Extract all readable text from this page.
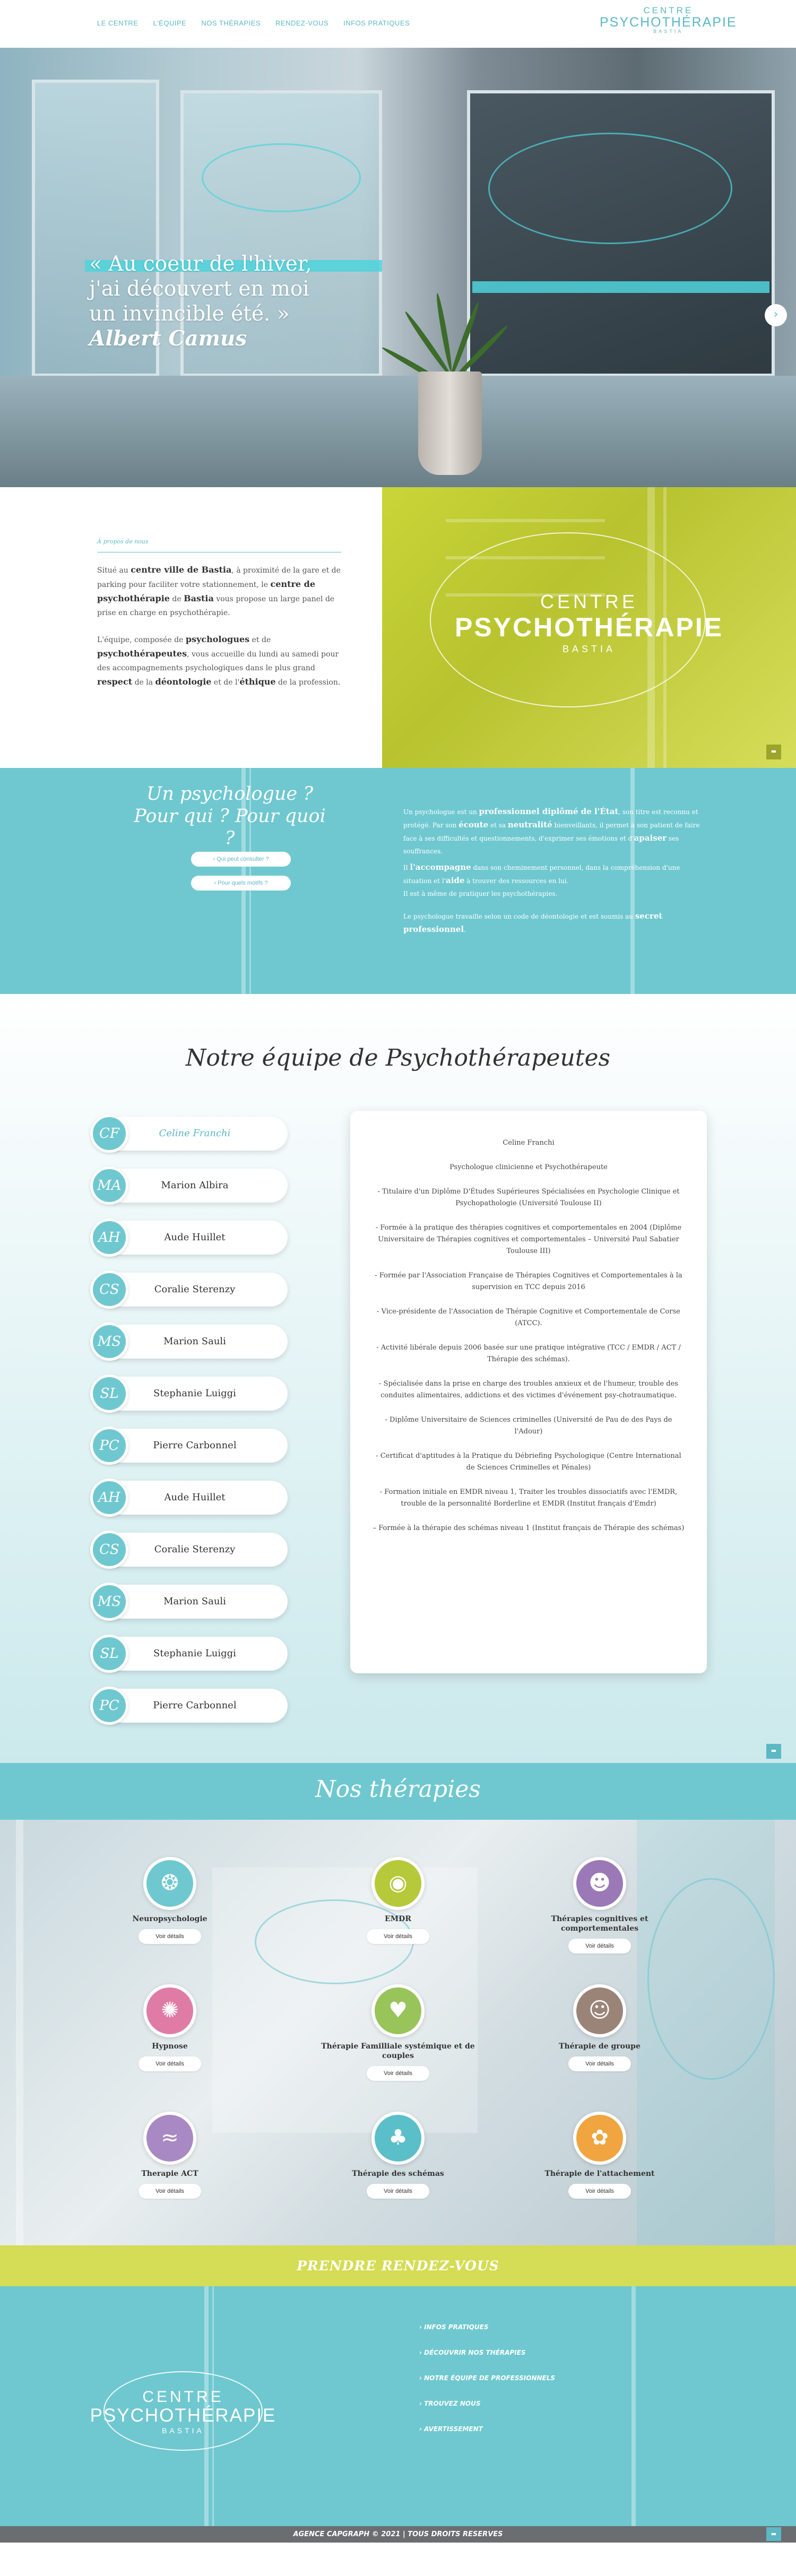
LE CENTRE L'ÉQUIPE NOS THÉRAPIES RENDEZ-VOUS INFOS PRATIQUES
CENTRE
PSYCHOTHÉRAPIE
BASTIA
« Au coeur de l'hiver, j'ai découvert en moi un invincible été. »
Albert Camus
›
À propos de nous

Situé au centre ville de Bastia, à proximité de la gare et de parking pour faciliter votre stationnement, le centre de psychothérapie de Bastia vous propose un large panel de prise en charge en psychothérapie.

L'équipe, composée de psychologues et de psychothérapeutes, vous accueille du lundi au samedi pour des accompagnements psychologiques dans le plus grand respect de la déontologie et de l'éthique de la profession.

CENTRE
PSYCHOTHÉRAPIE
BASTIA
▬
Un psychologue ?
Pour qui ? Pour quoi ?
› Qui peut consulter ?
› Pour quels motifs ?

Un psychologue est un professionnel diplômé de l'État, son titre est reconnu et protégé. Par son écoute et sa neutralité bienveillants, il permet à son patient de faire face à ses difficultés et questionnements, d'exprimer ses émotions et d'apaiser ses souffrances.

Il l'accompagne dans son cheminement personnel, dans la compréhension d'une situation et l'aide à trouver des ressources en lui.

Il est à même de pratiquer les psychothérapies.

Le psychologue travaille selon un code de déontologie et est soumis au secret professionnel.

Notre équipe de Psychothérapeutes
Celine Franchi
CF
Marion Albira
MA
Aude Huillet
AH
Coralie Sterenzy
CS
Marion Sauli
MS
Stephanie Luiggi
SL
Pierre Carbonnel
PC
Aude Huillet
AH
Coralie Sterenzy
CS
Marion Sauli
MS
Stephanie Luiggi
SL
Pierre Carbonnel
PC

Celine Franchi

Psychologue clinicienne et Psychothérapeute

- Titulaire d'un Diplôme D'Études Supérieures Spécialisées en Psychologie Clinique et Psychopathologie (Université Toulouse II)

- Formée à la pratique des thérapies cognitives et comportementales en 2004 (Diplôme Universitaire de Thérapies cognitives et comportementales – Université Paul Sabatier Toulouse III)

- Formée par l'Association Française de Thérapies Cognitives et Comportementales à la supervision en TCC depuis 2016

- Vice-présidente de l'Association de Thérapie Cognitive et Comportementale de Corse (ATCC).

- Activité libérale depuis 2006 basée sur une pratique intégrative (TCC / EMDR / ACT / Thérapie des schémas).

- Spécialisée dans la prise en charge des troubles anxieux et de l'humeur, trouble des conduites alimentaires, addictions et des victimes d'événement psy-chotraumatique.

- Diplôme Universitaire de Sciences criminelles (Université de Pau de des Pays de l'Adour)

- Certificat d'aptitudes à la Pratique du Débriefing Psychologique (Centre International de Sciences Criminelles et Pénales)

- Formation initiale en EMDR niveau 1, Traiter les troubles dissociatifs avec l'EMDR, trouble de la personnalité Borderline et EMDR (Institut français d'Emdr)

– Formée à la thérapie des schémas niveau 1 (Institut français de Thérapie des schémas)

▬
Nos thérapies
❂
Neuropsychologie
Voir détails
◉
EMDR
Voir détails
☻
Thérapies cognitives et comportementales
Voir détails
✺
Hypnose
Voir détails
♥
Thérapie Familliale systémique et de couples
Voir détails
☺
Thérapie de groupe
Voir détails
≈
Therapie ACT
Voir détails
♣
Thérapie des schémas
Voir détails
✿
Thérapie de l'attachement
Voir détails
PRENDRE RENDEZ-VOUS
CENTRE
PSYCHOTHÉRAPIE
BASTIA
› INFOS PRATIQUES
› DÉCOUVRIR NOS THÉRAPIES
› NOTRE ÉQUIPE DE PROFESSIONNELS
› TROUVEZ NOUS
› AVERTISSEMENT
AGENCE CAPGRAPH © 2021 | TOUS DROITS RESERVES	▬
